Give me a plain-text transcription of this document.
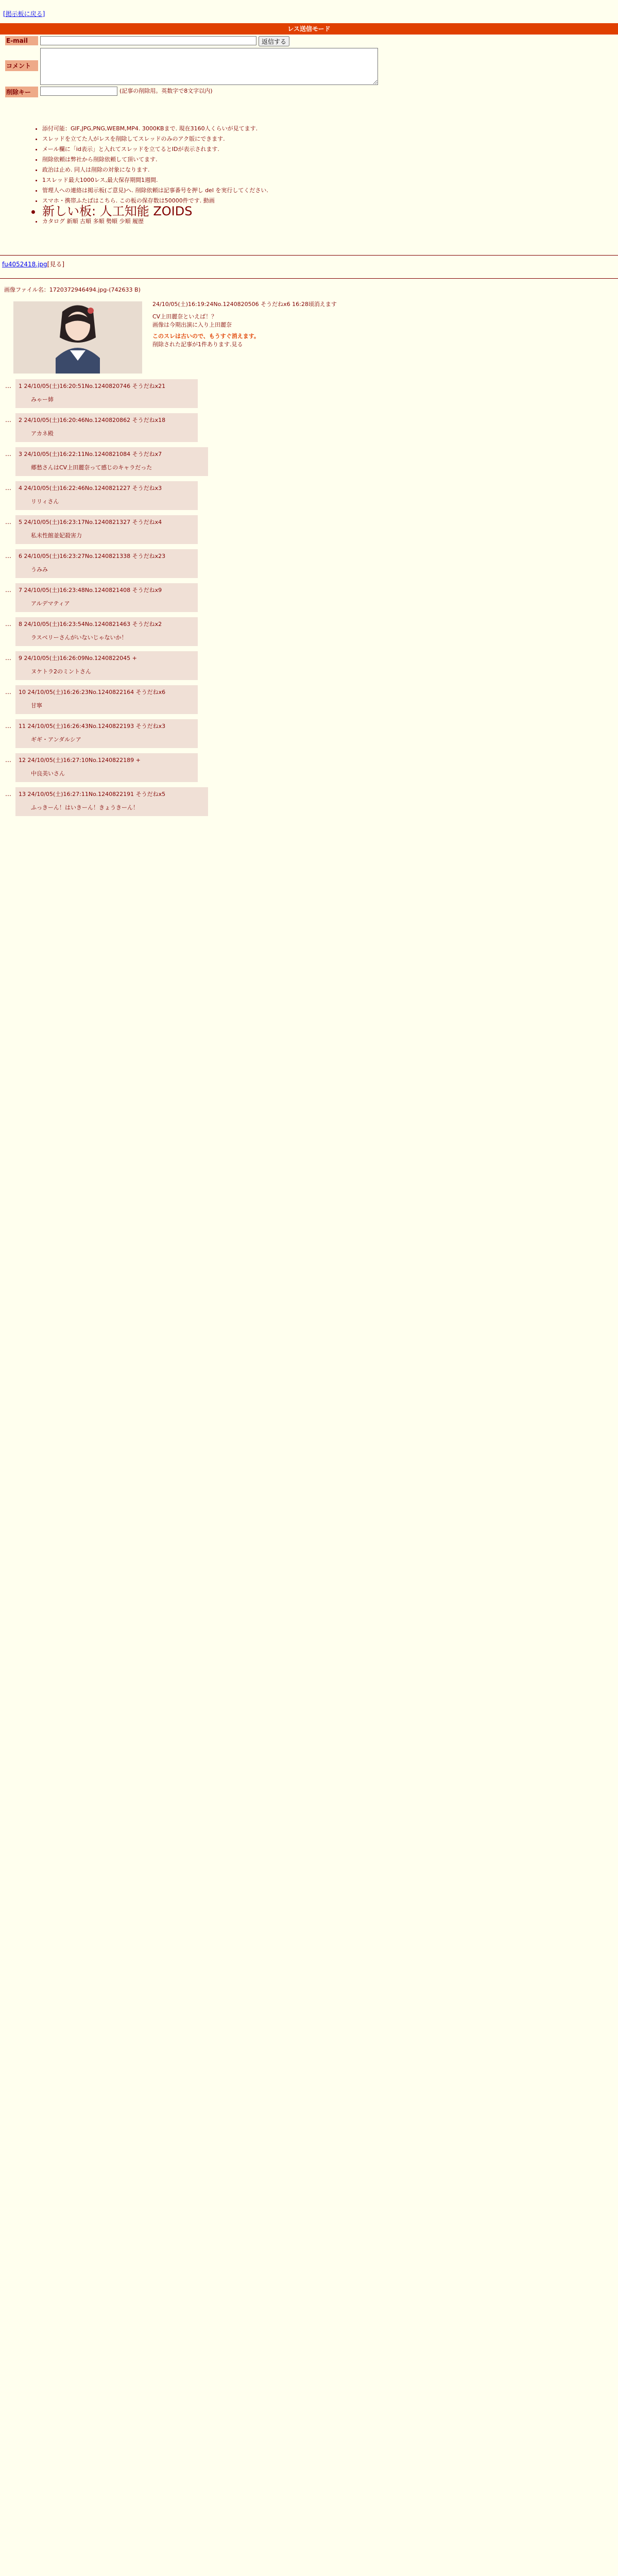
[掲示板に戻る]
レス送信モード
E-mail	返信する
コメント
削除キー	(記事の削除用。英数字で8文字以内)
• 添付可能：GIF,JPG,PNG,WEBM,MP4. 3000KBまで. 現在3160人くらいが見てます.
• スレッドを立てた人がレスを削除してスレッドのみのアク版にできます.
• メール欄に「id表示」と入れてスレッドを立てるとIDが表示されます.
• 削除依頼は弊社から削除依頼して頂いてます.
• 政治は止め. 同人は削除の対象になります.
• 1スレッド最大1000レス,最大保存期間1週間.
• 管理人への連絡は掲示板(ご意見)へ. 削除依頼は記事番号を押し del を実行してください.
• スマホ・携帯ふたばはこちら. この板の保存数は50000件です. 動画
• 新しい板: 人工知能 ZOIDS
• カタログ 新順 古順 多順 勢順 少順 履歴
fu4052418.jpg[見る]
画像ファイル名：1720372946494.jpg-(742633 B)
24/10/05(土)16:19:24No.1240820506 そうだねx6 16:28頃消えます
CV上田麗奈といえば！？
画像は今期出演に入り上田麗奈
このスレは古いので、もうすぐ消えます。
削除された記事が1件あります.見る
… 1 24/10/05(土)16:20:51No.1240820746 そうだねx21
みゃー姉
… 2 24/10/05(土)16:20:46No.1240820862 そうだねx18
アカネ殿
… 3 24/10/05(土)16:22:11No.1240821084 そうだねx7
郷愁さんはCV上田麗奈って感じのキャラだった
… 4 24/10/05(土)16:22:46No.1240821227 そうだねx3
リリィさん
… 5 24/10/05(土)16:23:17No.1240821327 そうだねx4
私未性館並妃殺害力
… 6 24/10/05(土)16:23:27No.1240821338 そうだねx23
うみみ
… 7 24/10/05(土)16:23:48No.1240821408 そうだねx9
アルデマティア
… 8 24/10/05(土)16:23:54No.1240821463 そうだねx2
ラスベリーさんがいないじゃないか！
… 9 24/10/05(土)16:26:09No.1240822045 +
ヌケトラ2のミントさん
… 10 24/10/05(土)16:26:23No.1240822164 そうだねx6
甘寧
… 11 24/10/05(土)16:26:43No.1240822193 そうだねx3
ギギ・アンダルシア
… 12 24/10/05(土)16:27:10No.1240822189 +
中良美いさん
… 13 24/10/05(土)16:27:11No.1240822191 そうだねx5
ふっきーん！はいきーん！きょうきーん！
